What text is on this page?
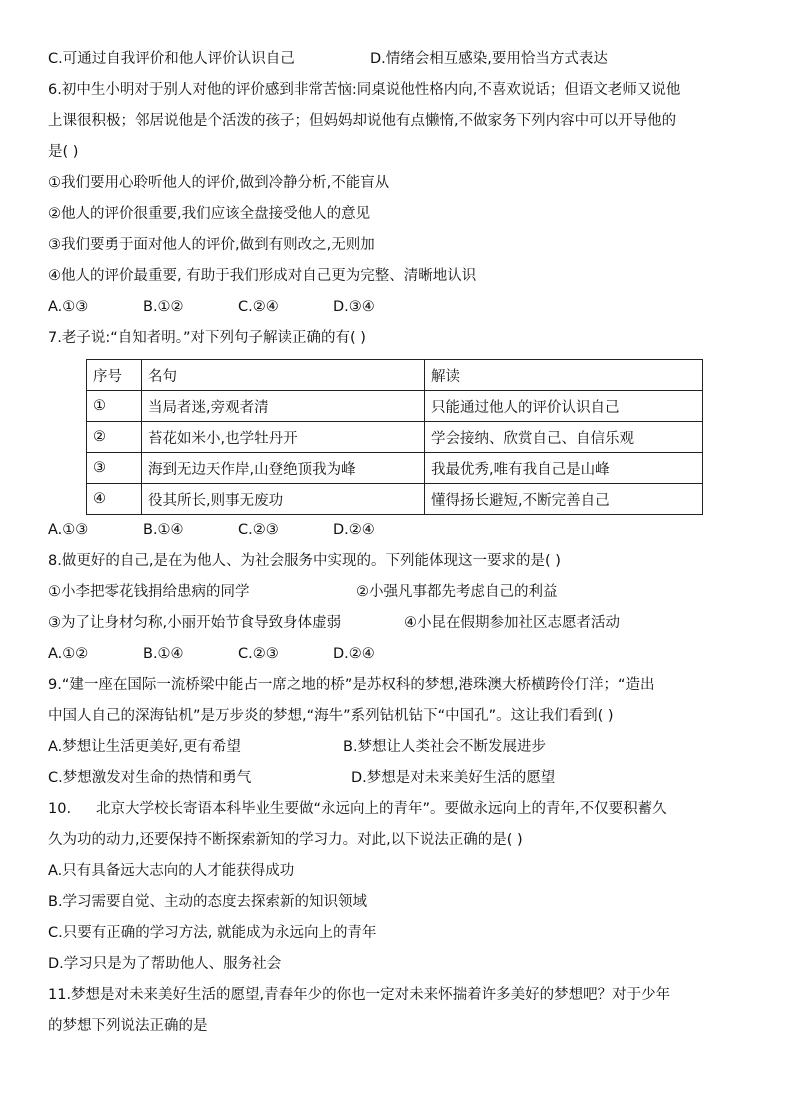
C.可通过自我评价和他人评价认识自己	D.情绪会相互感染,要用恰当方式表达
6.初中生小明对于别人对他的评价感到非常苦恼:同桌说他性格内向,不喜欢说话；但语文老师又说他
上课很积极；邻居说他是个活泼的孩子；但妈妈却说他有点懒惰,不做家务下列内容中可以开导他的
是( )
①我们要用心聆听他人的评价,做到冷静分析,不能盲从
②他人的评价很重要,我们应该全盘接受他人的意见
③我们要勇于面对他人的评价,做到有则改之,无则加
④他人的评价最重要, 有助于我们形成对自己更为完整、清晰地认识
A.①③	B.①②	C.②④	D.③④
7.老子说:“自知者明。”对下列句子解读正确的有( )
序号	名句	解读
①	当局者迷,旁观者清	只能通过他人的评价认识自己
②	苔花如米小,也学牡丹开	学会接纳、欣赏自己、自信乐观
③	海到无边天作岸,山登绝顶我为峰	我最优秀,唯有我自己是山峰
④	役其所长,则事无废功	懂得扬长避短,不断完善自己
A.①③	B.①④	C.②③	D.②④
8.做更好的自己,是在为他人、为社会服务中实现的。下列能体现这一要求的是( )
①小李把零花钱捐给患病的同学	②小强凡事都先考虑自己的利益
③为了让身材匀称,小丽开始节食导致身体虚弱	④小昆在假期参加社区志愿者活动
A.①②	B.①④	C.②③	D.②④
9.“建一座在国际一流桥梁中能占一席之地的桥”是苏权科的梦想,港珠澳大桥横跨伶仃洋；“造出
中国人自己的深海钻机”是万步炎的梦想,“海牛”系列钻机钻下“中国孔”。这让我们看到( )
A.梦想让生活更美好,更有希望	B.梦想让人类社会不断发展进步
C.梦想激发对生命的热情和勇气	D.梦想是对未来美好生活的愿望
10. 北京大学校长寄语本科毕业生要做“永远向上的青年”。要做永远向上的青年,不仅要积蓄久
久为功的动力,还要保持不断探索新知的学习力。对此,以下说法正确的是( )
A.只有具备远大志向的人才能获得成功
B.学习需要自觉、主动的态度去探索新的知识领域
C.只要有正确的学习方法, 就能成为永远向上的青年
D.学习只是为了帮助他人、服务社会
11.梦想是对未来美好生活的愿望,青春年少的你也一定对未来怀揣着许多美好的梦想吧？对于少年
的梦想下列说法正确的是
